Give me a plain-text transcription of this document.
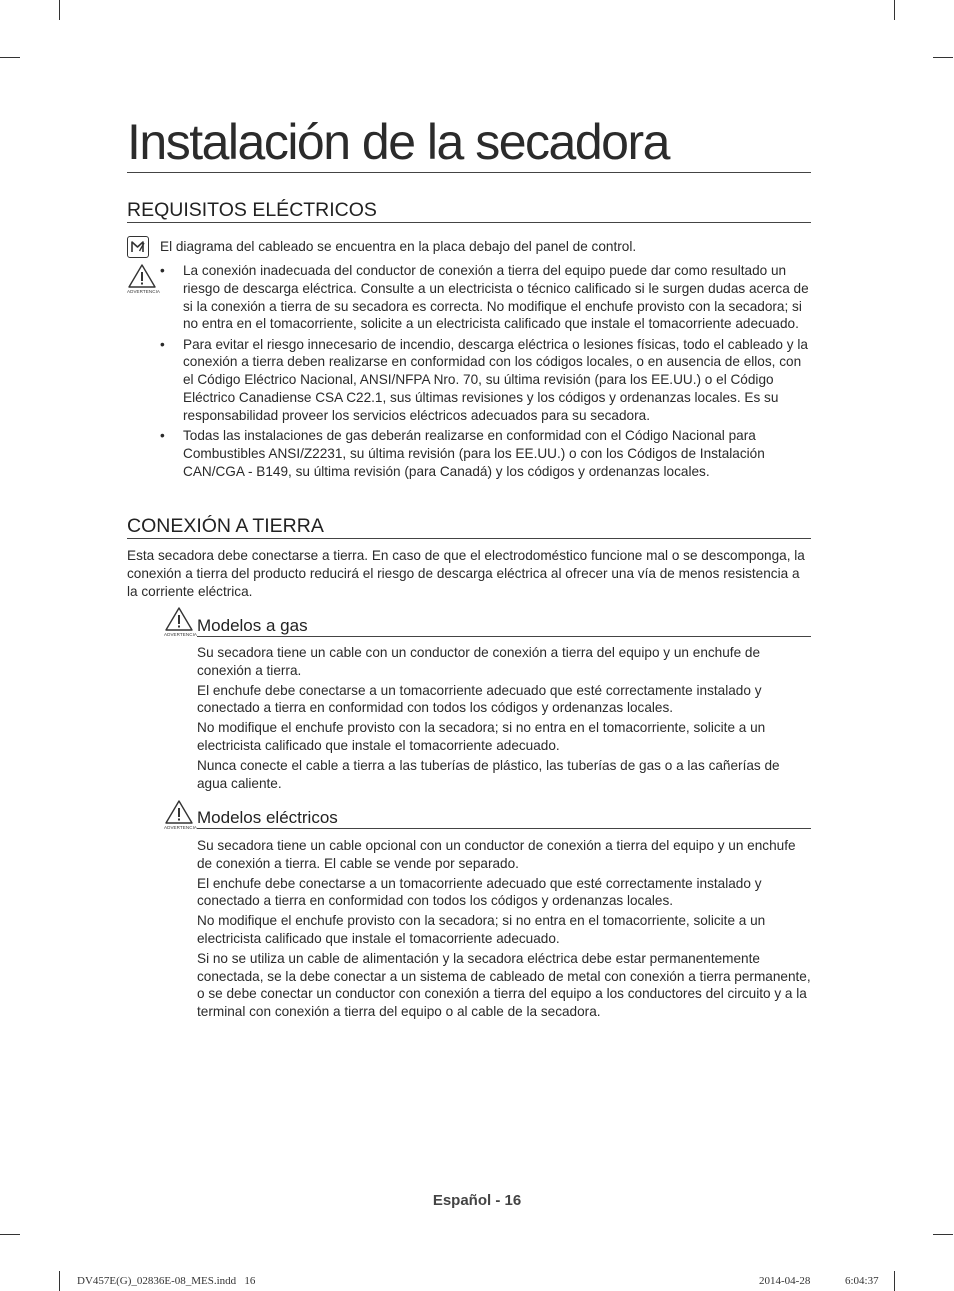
Instalación de la secadora
REQUISITOS ELÉCTRICOS
El diagrama del cableado se encuentra en la placa debajo del panel de control.
ADVERTENCIA
• La conexión inadecuada del conductor de conexión a tierra del equipo puede dar como resultado un riesgo de descarga eléctrica. Consulte a un electricista o técnico calificado si le surgen dudas acerca de si la conexión a tierra de su secadora es correcta. No modifique el enchufe provisto con la secadora; si no entra en el tomacorriente, solicite a un electricista calificado que instale el tomacorriente adecuado.
• Para evitar el riesgo innecesario de incendio, descarga eléctrica o lesiones físicas, todo el cableado y la conexión a tierra deben realizarse en conformidad con los códigos locales, o en ausencia de ellos, con el Código Eléctrico Nacional, ANSI/NFPA Nro. 70, su última revisión (para los EE.UU.) o el Código Eléctrico Canadiense CSA C22.1, sus últimas revisiones y los códigos y ordenanzas locales. Es su responsabilidad proveer los servicios eléctricos adecuados para su secadora.
• Todas las instalaciones de gas deberán realizarse en conformidad con el Código Nacional para Combustibles ANSI/Z2231, su última revisión (para los EE.UU.) o con los Códigos de Instalación CAN/CGA - B149, su última revisión (para Canadá) y los códigos y ordenanzas locales.
CONEXIÓN A TIERRA
Esta secadora debe conectarse a tierra. En caso de que el electrodoméstico funcione mal o se descomponga, la conexión a tierra del producto reducirá el riesgo de descarga eléctrica al ofrecer una vía de menos resistencia a la corriente eléctrica.
ADVERTENCIA Modelos a gas

Su secadora tiene un cable con un conductor de conexión a tierra del equipo y un enchufe de conexión a tierra.

El enchufe debe conectarse a un tomacorriente adecuado que esté correctamente instalado y conectado a tierra en conformidad con todos los códigos y ordenanzas locales.

No modifique el enchufe provisto con la secadora; si no entra en el tomacorriente, solicite a un electricista calificado que instale el tomacorriente adecuado.

Nunca conecte el cable a tierra a las tuberías de plástico, las tuberías de gas o a las cañerías de agua caliente.

ADVERTENCIA
Modelos eléctricos

Su secadora tiene un cable opcional con un conductor de conexión a tierra del equipo y un enchufe de conexión a tierra. El cable se vende por separado.

El enchufe debe conectarse a un tomacorriente adecuado que esté correctamente instalado y conectado a tierra en conformidad con todos los códigos y ordenanzas locales.

No modifique el enchufe provisto con la secadora; si no entra en el tomacorriente, solicite a un electricista calificado que instale el tomacorriente adecuado.

Si no se utiliza un cable de alimentación y la secadora eléctrica debe estar permanentemente conectada, se la debe conectar a un sistema de cableado de metal con conexión a tierra permanente, o se debe conectar un conductor con conexión a tierra del equipo a los conductores del circuito y a la terminal con conexión a tierra del equipo o al cable de la secadora.

Español - 16
DV457E(G)_02836E-08_MES.indd   16	2014-04-28	6:04:37
